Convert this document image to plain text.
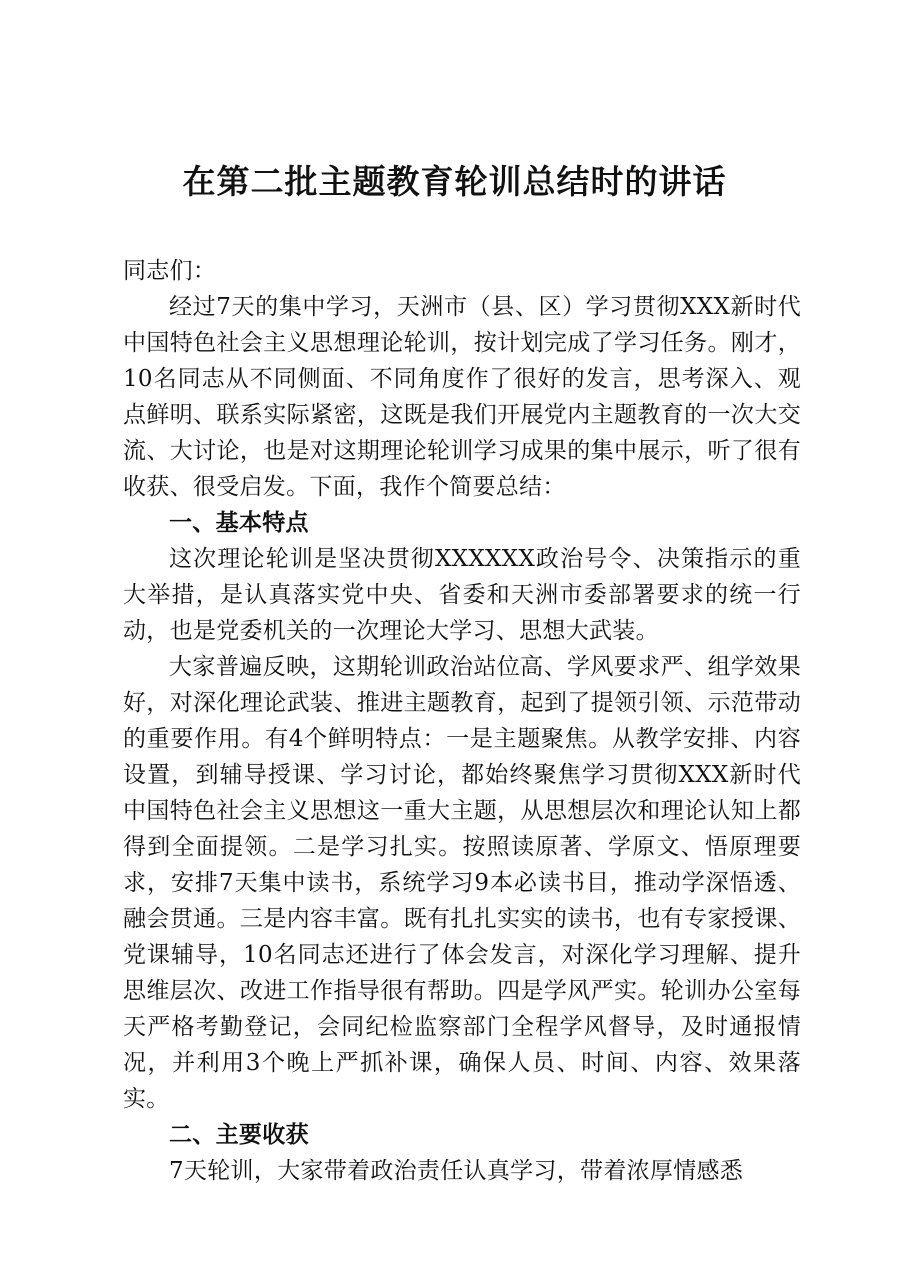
在第二批主题教育轮训总结时的讲话

同志们：

经过7天的集中学习，天洲市（县、区）学习贯彻XXX新时代中国特色社会主义思想理论轮训，按计划完成了学习任务。刚才，10名同志从不同侧面、不同角度作了很好的发言，思考深入、观点鲜明、联系实际紧密，这既是我们开展党内主题教育的一次大交流、大讨论，也是对这期理论轮训学习成果的集中展示，听了很有收获、很受启发。下面，我作个简要总结：

一、基本特点

这次理论轮训是坚决贯彻XXXXXX政治号令、决策指示的重大举措，是认真落实党中央、省委和天洲市委部署要求的统一行动，也是党委机关的一次理论大学习、思想大武装。

大家普遍反映，这期轮训政治站位高、学风要求严、组学效果好，对深化理论武装、推进主题教育，起到了提领引领、示范带动的重要作用。有4个鲜明特点：一是主题聚焦。从教学安排、内容设置，到辅导授课、学习讨论，都始终聚焦学习贯彻XXX新时代中国特色社会主义思想这一重大主题，从思想层次和理论认知上都得到全面提领。二是学习扎实。按照读原著、学原文、悟原理要求，安排7天集中读书，系统学习9本必读书目，推动学深悟透、融会贯通。三是内容丰富。既有扎扎实实的读书，也有专家授课、党课辅导，10名同志还进行了体会发言，对深化学习理解、提升思维层次、改进工作指导很有帮助。四是学风严实。轮训办公室每天严格考勤登记，会同纪检监察部门全程学风督导，及时通报情况，并利用3个晚上严抓补课，确保人员、时间、内容、效果落实。

二、主要收获

7天轮训，大家带着政治责任认真学习，带着浓厚情感悉
